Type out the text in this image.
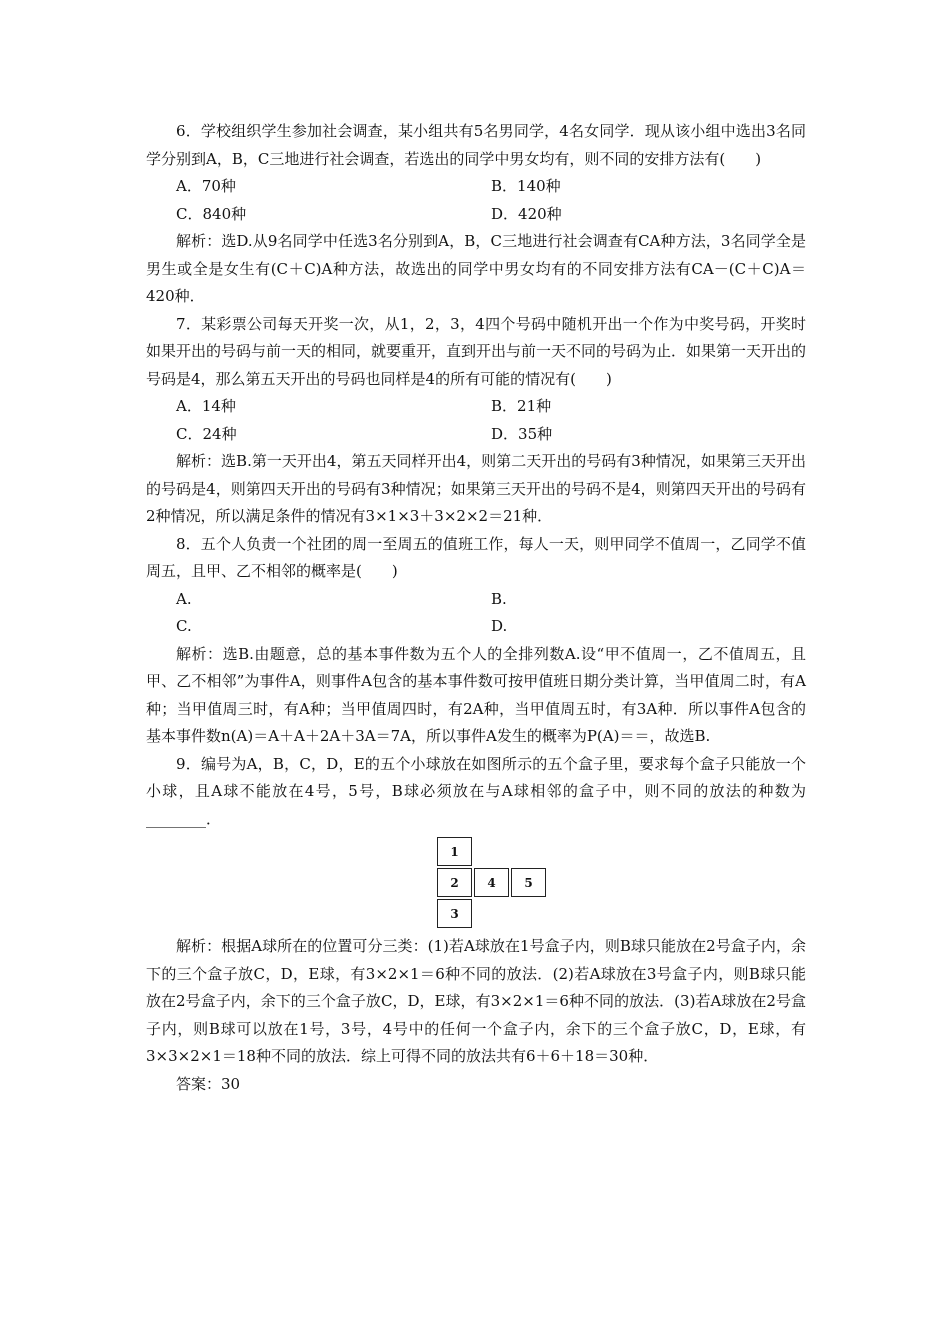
6．学校组织学生参加社会调查，某小组共有5名男同学，4名女同学．现从该小组中选出3名同学分别到A，B，C三地进行社会调查，若选出的同学中男女均有，则不同的安排方法有(　　)

A．70种	B．140种
C．840种	D．420种

解析：选D.从9名同学中任选3名分别到A，B，C三地进行社会调查有CA种方法，3名同学全是男生或全是女生有(C＋C)A种方法，故选出的同学中男女均有的不同安排方法有CA－(C＋C)A＝420种．

7．某彩票公司每天开奖一次，从1，2，3，4四个号码中随机开出一个作为中奖号码，开奖时如果开出的号码与前一天的相同，就要重开，直到开出与前一天不同的号码为止．如果第一天开出的号码是4，那么第五天开出的号码也同样是4的所有可能的情况有(　　)

A．14种	B．21种
C．24种	D．35种

解析：选B.第一天开出4，第五天同样开出4，则第二天开出的号码有3种情况，如果第三天开出的号码是4，则第四天开出的号码有3种情况；如果第三天开出的号码不是4，则第四天开出的号码有2种情况，所以满足条件的情况有3×1×3＋3×2×2＝21种．

8．五个人负责一个社团的周一至周五的值班工作，每人一天，则甲同学不值周一，乙同学不值周五，且甲、乙不相邻的概率是(　　)

A.	B.
C.	D.

解析：选B.由题意，总的基本事件数为五个人的全排列数A.设“甲不值周一，乙不值周五，且甲、乙不相邻”为事件A，则事件A包含的基本事件数可按甲值班日期分类计算，当甲值周二时，有A种；当甲值周三时，有A种；当甲值周四时，有2A种，当甲值周五时，有3A种．所以事件A包含的基本事件数n(A)＝A＋A＋2A＋3A＝7A，所以事件A发生的概率为P(A)＝＝，故选B.

9．编号为A，B，C，D，E的五个小球放在如图所示的五个盒子里，要求每个盒子只能放一个小球，且A球不能放在4号，5号，B球必须放在与A球相邻的盒子中，则不同的放法的种数为________．

1
2	4	5
3

解析：根据A球所在的位置可分三类：(1)若A球放在1号盒子内，则B球只能放在2号盒子内，余下的三个盒子放C，D，E球，有3×2×1＝6种不同的放法．(2)若A球放在3号盒子内，则B球只能放在2号盒子内，余下的三个盒子放C，D，E球，有3×2×1＝6种不同的放法．(3)若A球放在2号盒子内，则B球可以放在1号，3号，4号中的任何一个盒子内，余下的三个盒子放C，D，E球，有3×3×2×1＝18种不同的放法．综上可得不同的放法共有6＋6＋18＝30种．

答案：30
